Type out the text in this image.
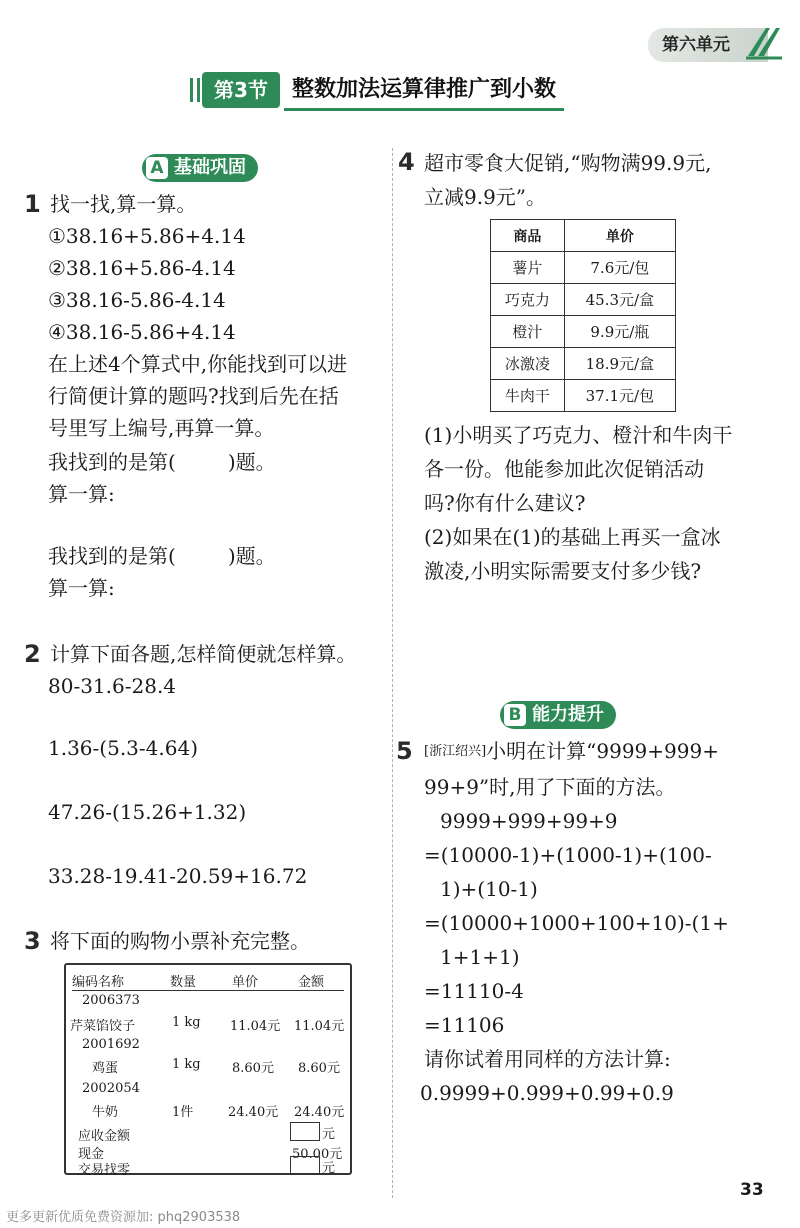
第六单元
第3节	整数加法运算律推广到小数
A 基础巩固
1 找一找,算一算。
①38.16+5.86+4.14
②38.16+5.86-4.14
③38.16-5.86-4.14
④38.16-5.86+4.14
在上述4个算式中,你能找到可以进
行简便计算的题吗?找到后先在括
号里写上编号,再算一算。
我找到的是第(	)题。
算一算:
我找到的是第(	)题。
算一算:
2 计算下面各题,怎样简便就怎样算。
80-31.6-28.4
1.36-(5.3-4.64)
47.26-(15.26+1.32)
33.28-19.41-20.59+16.72
3 将下面的购物小票补充完整。
编码名称	数量	单价	金额
2006373
芹菜馅饺子	1 kg 11.04元 11.04元
2001692
鸡蛋	1 kg 8.60元 8.60元
2002054
牛奶	1件	24.40元 24.40元
应收金额	元
现金	50.00元
交易找零	元
4 超市零食大促销,“购物满99.9元,
立减9.9元”。
商品	单价
薯片	7.6元/包
巧克力	45.3元/盒
橙汁	9.9元/瓶
冰激凌	18.9元/盒
牛肉干	37.1元/包
(1)小明买了巧克力、橙汁和牛肉干
各一份。他能参加此次促销活动
吗?你有什么建议?
(2)如果在(1)的基础上再买一盒冰
激凌,小明实际需要支付多少钱?
B 能力提升
5 [浙江绍兴]小明在计算“9999+999+
99+9”时,用了下面的方法。
9999+999+99+9
=(10000-1)+(1000-1)+(100-
1)+(10-1)
=(10000+1000+100+10)-(1+
1+1+1)
=11110-4
=11106
请你试着用同样的方法计算:
0.9999+0.999+0.99+0.9
33
更多更新优质免费资源加: phq2903538
